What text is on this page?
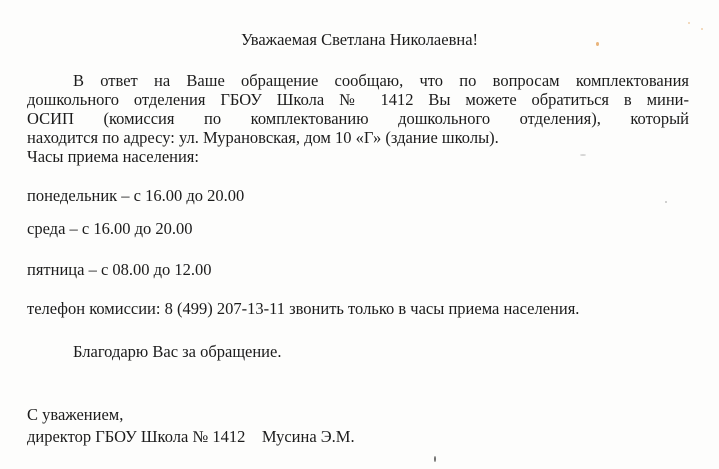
Уважаемая Светлана Николаевна!
В ответ на Ваше обращение сообщаю, что по вопросам комплектования
дошкольного отделения ГБОУ Школа № 1412 Вы можете обратиться в мини-
ОСИП (комиссия по комплектованию дошкольного отделения), который
находится по адресу: ул. Мурановская, дом 10 «Г» (здание школы).
Часы приема населения:
понедельник – с 16.00 до 20.00
среда – с 16.00 до 20.00
пятница – с 08.00 до 12.00
телефон комиссии: 8 (499) 207-13-11 звонить только в часы приема населения.
Благодарю Вас за обращение.
С уважением,
директор ГБОУ Школа № 1412    Мусина Э.М.
